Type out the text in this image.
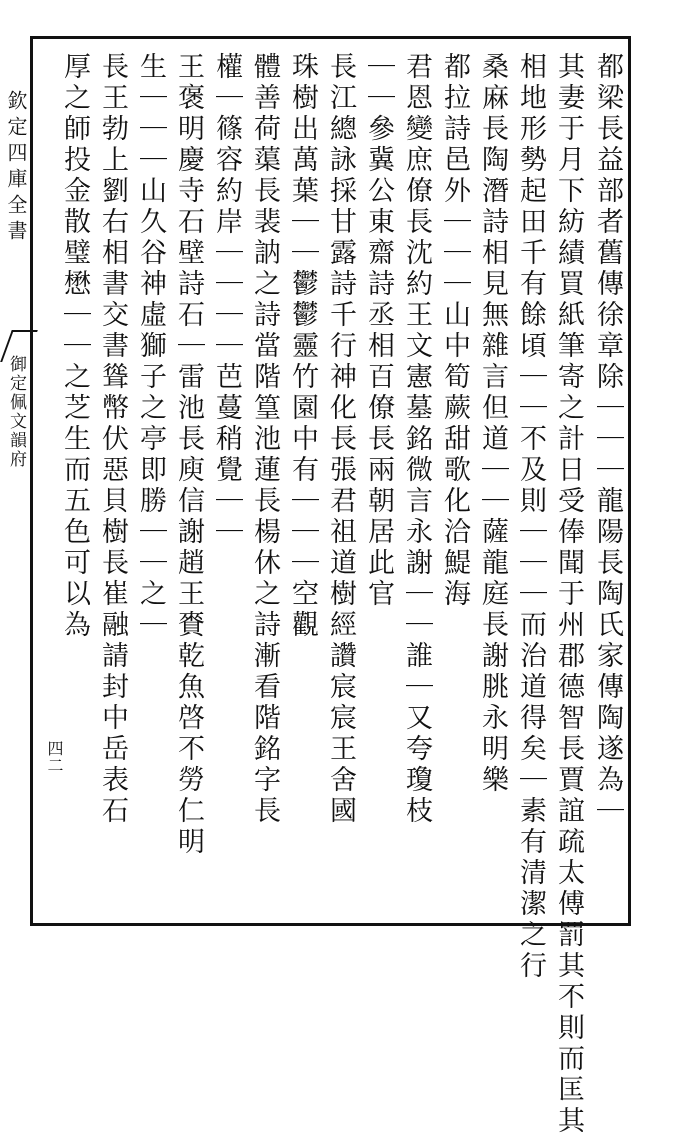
欽定四庫全書
御定佩文韻府	都梁長益部者舊傳徐章除｜｜｜龍陽長陶氏家傳陶遂為｜
其妻于月下紡績買紙筆寄之計日受俸聞于州郡德智長賈誼疏太傅罰其不則而匡其
相地形勢起田千有餘頃｜｜不及則｜｜｜而治道得矣｜素有清潔之行
桑麻長陶潛詩相見無雜言但道｜｜薩龍庭長謝朓永明樂
都拉詩邑外｜｜｜山中筍蕨甜歌化洽鯷海
君恩變庶僚長沈約王文憲墓銘微言永謝｜｜誰｜又夸瓊枝
｜｜參冀公東齋詩丞相百僚長兩朝居此官
長江總詠採甘露詩千行神化長張君祖道樹經讚宸宸王舍國
珠樹出萬葉｜｜鬱鬱靈竹園中有｜｜｜空觀
體善荷蕖長裴訥之詩當階篁池蓮長楊休之詩漸看階銘字長
權｜篠容約岸｜｜｜｜芭蔓稍覺｜｜
王褒明慶寺石壁詩石｜雷池長庾信謝趙王賚乾魚啓不勞仁明
生｜｜｜山久谷神虛獅子之亭即勝｜｜之｜
長王勃上劉右相書交書聳幣伏惡貝樹長崔融請封中岳表石
厚之師投金散璧懋｜｜之芝生而五色可以為
四二
